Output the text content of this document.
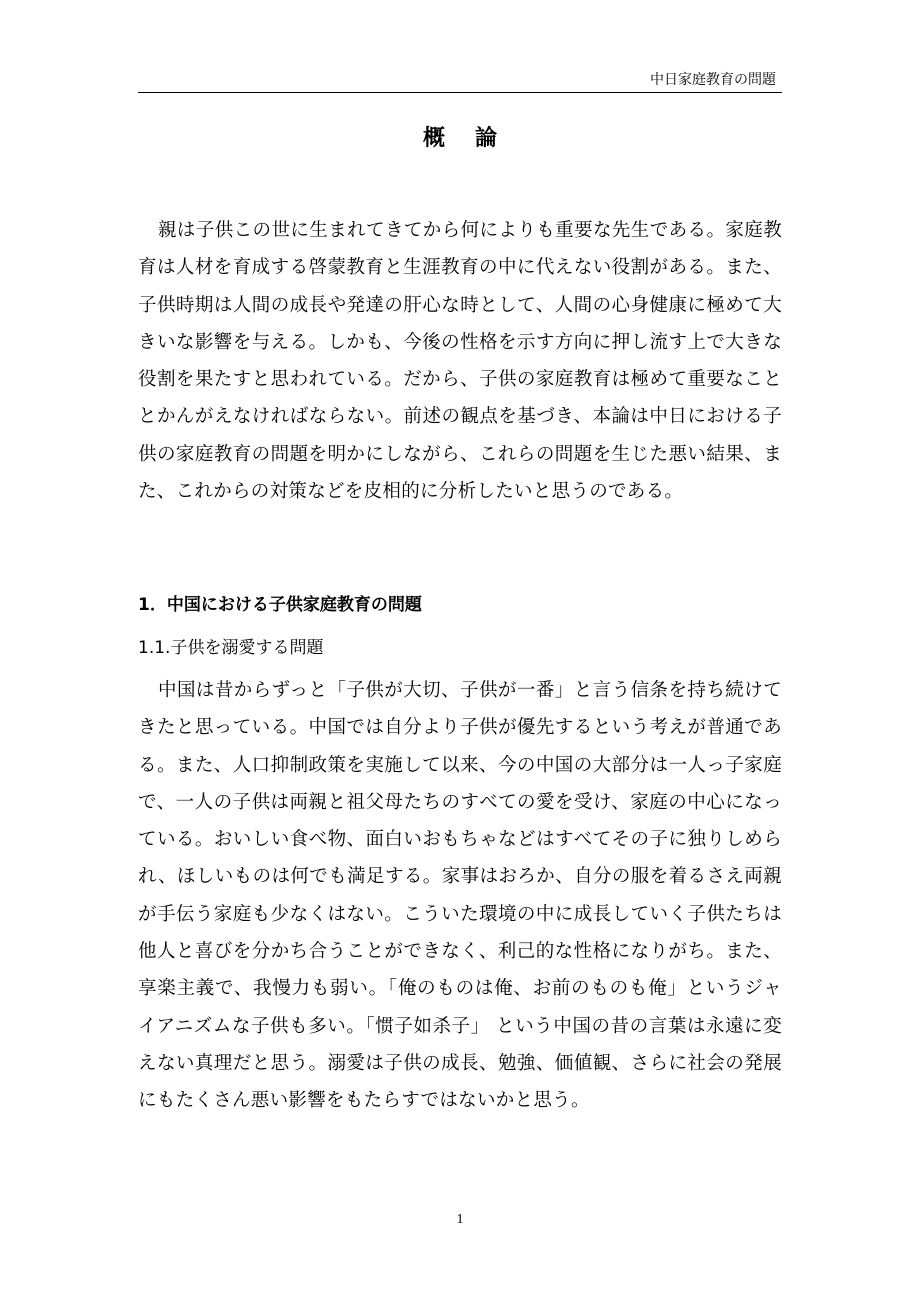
中日家庭教育の問題
概論

親は子供この世に生まれてきてから何によりも重要な先生である。家庭教育は人材を育成する啓蒙教育と生涯教育の中に代えない役割がある。また、子供時期は人間の成長や発達の肝心な時として、人間の心身健康に極めて大きいな影響を与える。しかも、今後の性格を示す方向に押し流す上で大きな役割を果たすと思われている。だから、子供の家庭教育は極めて重要なこととかんがえなければならない。前述の観点を基づき、本論は中日における子供の家庭教育の問題を明かにしながら、これらの問題を生じた悪い結果、また、これからの対策などを皮相的に分析したいと思うのである。

1．中国における子供家庭教育の問題
1.1.子供を溺愛する問題

中国は昔からずっと「子供が大切、子供が一番」と言う信条を持ち続けてきたと思っている。中国では自分より子供が優先するという考えが普通である。また、人口抑制政策を実施して以来、今の中国の大部分は一人っ子家庭で、一人の子供は両親と祖父母たちのすべての愛を受け、家庭の中心になっている。おいしい食べ物、面白いおもちゃなどはすべてその子に独りしめられ、ほしいものは何でも満足する。家事はおろか、自分の服を着るさえ両親が手伝う家庭も少なくはない。こういた環境の中に成長していく子供たちは他人と喜びを分かち合うことができなく、利己的な性格になりがち。また、享楽主義で、我慢力も弱い。「俺のものは俺、お前のものも俺」というジャイアニズムな子供も多い。「惯子如杀子」 という中国の昔の言葉は永遠に変えない真理だと思う。溺愛は子供の成長、勉強、価値観、さらに社会の発展にもたくさん悪い影響をもたらすではないかと思う。

1
